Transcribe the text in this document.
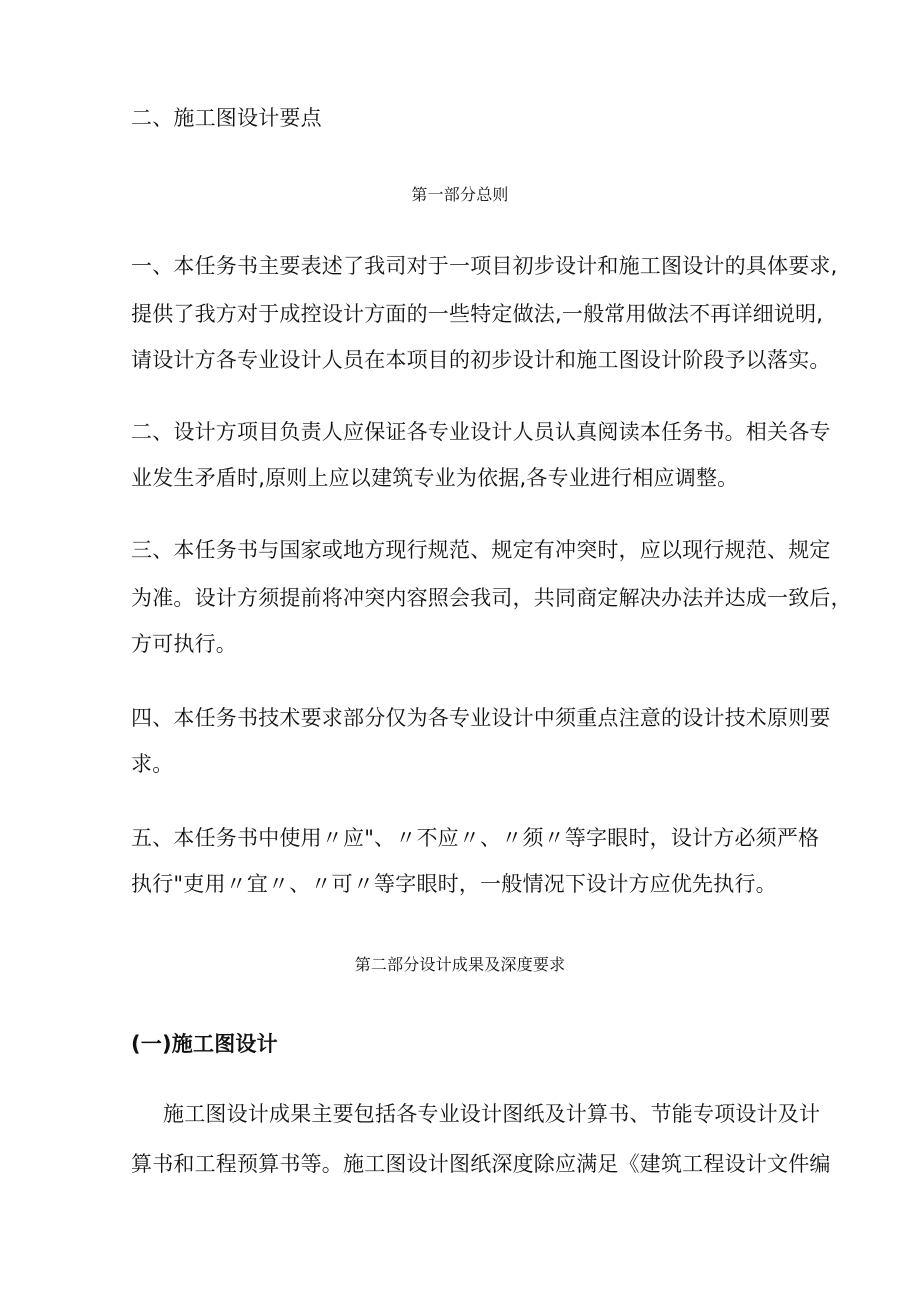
二、施工图设计要点
第一部分总则
一、本任务书主要表述了我司对于一项目初步设计和施工图设计的具体要求,
提供了我方对于成控设计方面的一些特定做法,一般常用做法不再详细说明,
请设计方各专业设计人员在本项目的初步设计和施工图设计阶段予以落实。
二、设计方项目负责人应保证各专业设计人员认真阅读本任务书。相关各专
业发生矛盾时,原则上应以建筑专业为依据,各专业进行相应调整。
三、本任务书与国家或地方现行规范、规定有冲突时，应以现行规范、规定
为准。设计方须提前将冲突内容照会我司，共同商定解决办法并达成一致后，
方可执行。
四、本任务书技术要求部分仅为各专业设计中须重点注意的设计技术原则要
求。
五、本任务书中使用〃应"、〃不应〃、〃须〃等字眼时，设计方必须严格
执行"吏用〃宜〃、〃可〃等字眼时，一般情况下设计方应优先执行。
第二部分设计成果及深度要求
(一)施工图设计
施工图设计成果主要包括各专业设计图纸及计算书、节能专项设计及计
算书和工程预算书等。施工图设计图纸深度除应满足《建筑工程设计文件编
